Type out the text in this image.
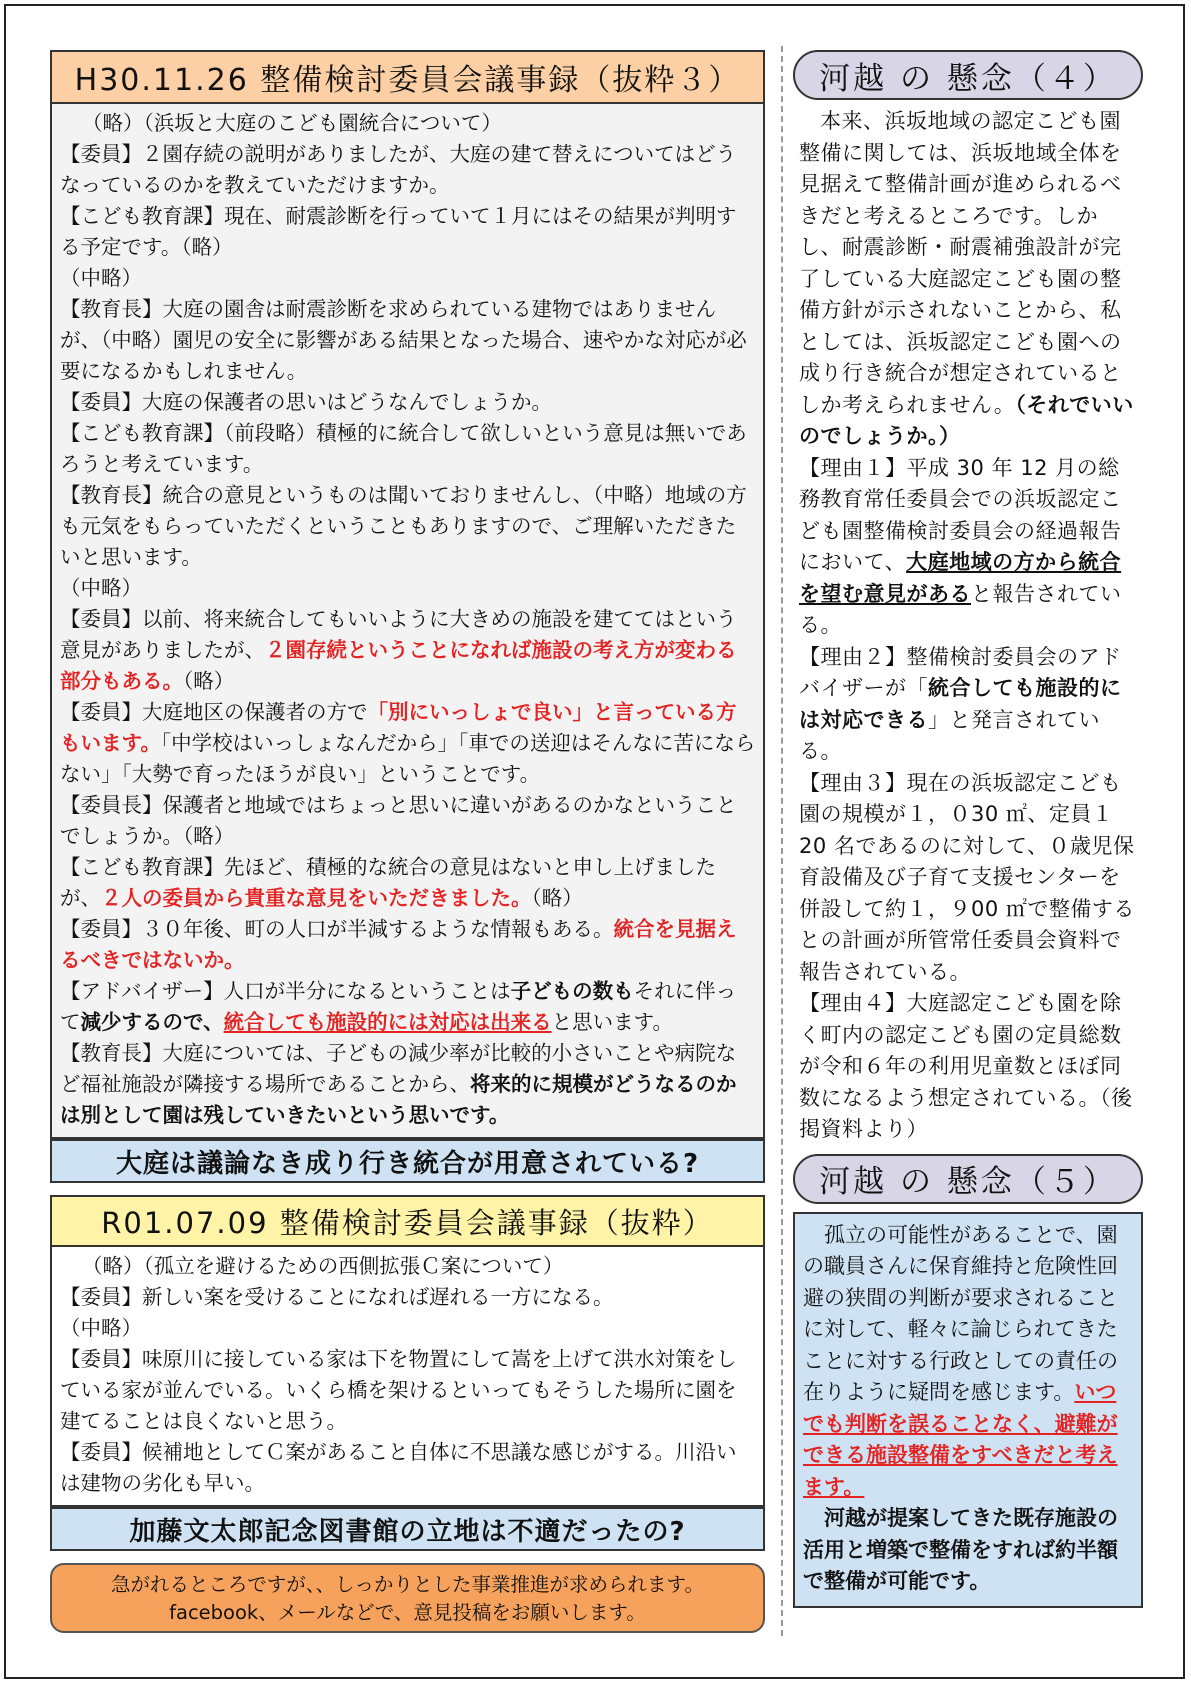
H30.11.26 整備検討委員会議事録（抜粋３）

（略）（浜坂と大庭のこども園統合について）

【委員】２園存続の説明がありましたが、大庭の建て替えについてはどうなっているのかを教えていただけますか。

【こども教育課】現在、耐震診断を行っていて１月にはその結果が判明する予定です。（略）

（中略）

【教育長】大庭の園舎は耐震診断を求められている建物ではありませんが、（中略）園児の安全に影響がある結果となった場合、速やかな対応が必要になるかもしれません。

【委員】大庭の保護者の思いはどうなんでしょうか。

【こども教育課】（前段略）積極的に統合して欲しいという意見は無いであろうと考えています。

【教育長】統合の意見というものは聞いておりませんし、（中略）地域の方も元気をもらっていただくということもありますので、ご理解いただきたいと思います。

（中略）

【委員】以前、将来統合してもいいように大きめの施設を建ててはという意見がありましたが、２園存続ということになれば施設の考え方が変わる部分もある。（略）

【委員】大庭地区の保護者の方で「別にいっしょで良い」と言っている方もいます。「中学校はいっしょなんだから」「車での送迎はそんなに苦にならない」「大勢で育ったほうが良い」ということです。

【委員長】保護者と地域ではちょっと思いに違いがあるのかなということでしょうか。（略）

【こども教育課】先ほど、積極的な統合の意見はないと申し上げましたが、２人の委員から貴重な意見をいただきました。（略）

【委員】３０年後、町の人口が半減するような情報もある。統合を見据えるべきではないか。

【アドバイザー】人口が半分になるということは子どもの数もそれに伴って減少するので、統合しても施設的には対応は出来ると思います。

【教育長】大庭については、子どもの減少率が比較的小さいことや病院など福祉施設が隣接する場所であることから、将来的に規模がどうなるのかは別として園は残していきたいという思いです。

大庭は議論なき成り行き統合が用意されている?
R01.07.09 整備検討委員会議事録（抜粋）

（略）（孤立を避けるための西側拡張Ｃ案について）

【委員】新しい案を受けることになれば遅れる一方になる。

（中略）

【委員】味原川に接している家は下を物置にして嵩を上げて洪水対策をしている家が並んでいる。いくら橋を架けるといってもそうした場所に園を建てることは良くないと思う。

【委員】候補地としてＣ案があること自体に不思議な感じがする。川沿いは建物の劣化も早い。

加藤文太郎記念図書館の立地は不適だったの?
急がれるところですが、、しっかりとした事業推進が求められます。
facebook、メールなどで、意見投稿をお願いします。
河越 の 懸念（４）

本来、浜坂地域の認定こども園整備に関しては、浜坂地域全体を見据えて整備計画が進められるべきだと考えるところです。しかし、耐震診断・耐震補強設計が完了している大庭認定こども園の整備方針が示されないことから、私としては、浜坂認定こども園への成り行き統合が想定されているとしか考えられません。（それでいいのでしょうか。）

【理由１】平成 30 年 12 月の総務教育常任委員会での浜坂認定こども園整備検討委員会の経過報告において、大庭地域の方から統合を望む意見があると報告されている。

【理由２】整備検討委員会のアドバイザーが「統合しても施設的には対応できる」と発言されている。

【理由３】現在の浜坂認定こども園の規模が１，０30 ㎡、定員１20 名であるのに対して、０歳児保育設備及び子育て支援センターを併設して約１，９00 ㎡で整備するとの計画が所管常任委員会資料で報告されている。

【理由４】大庭認定こども園を除く町内の認定こども園の定員総数が令和６年の利用児童数とほぼ同数になるよう想定されている。（後掲資料より）

河越 の 懸念（５）

孤立の可能性があることで、園の職員さんに保育維持と危険性回避の狭間の判断が要求されることに対して、軽々に論じられてきたことに対する行政としての責任の在りように疑問を感じます。いつでも判断を誤ることなく、避難ができる施設整備をすべきだと考えます。

河越が提案してきた既存施設の活用と増築で整備をすれば約半額で整備が可能です。
